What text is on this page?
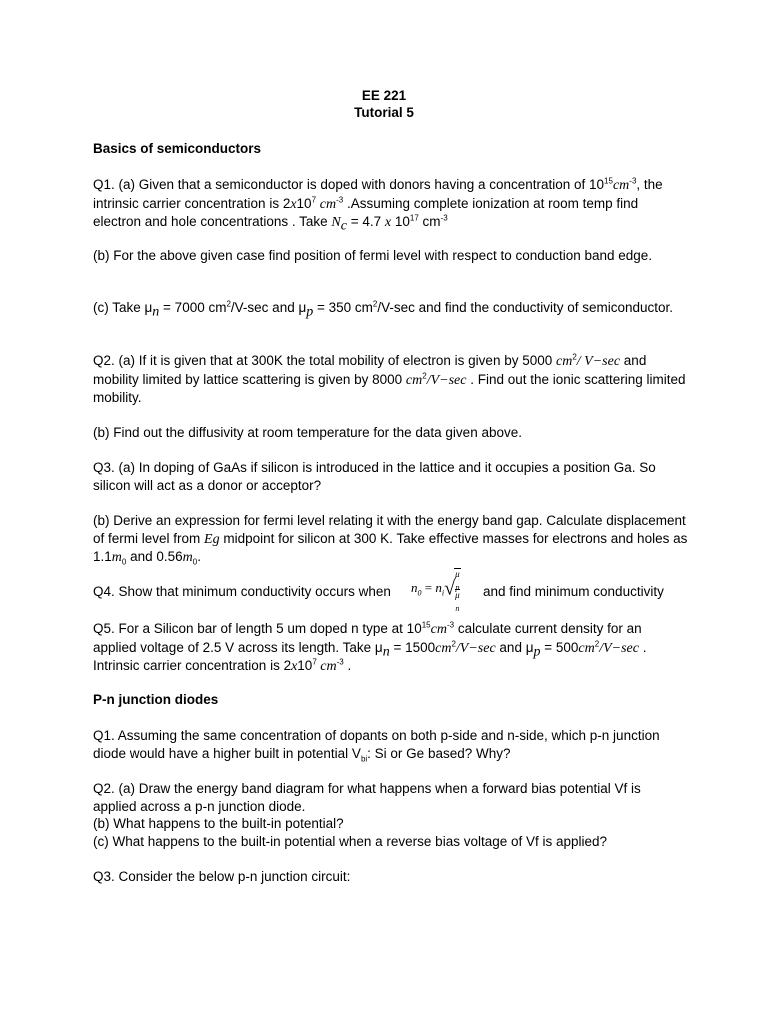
EE 221
Tutorial 5

Basics of semiconductors

Q1. (a) Given that a semiconductor is doped with donors having a concentration of $10^{15}cm^{-3}$, the intrinsic carrier concentration is $2x10^7$ $cm^{-3}$ .Assuming complete ionization at room temp find electron and hole concentrations . Take $N_c = 4.7$ x $10^{17}$ $cm^{-3}$

(b) For the above given case find position of fermi level with respect to conduction band edge.

(c) Take $\mu_n = 7000$ $cm^2/V-\sec$ and $\mu_p = 350$ $cm^2/V-\sec$ and find the conductivity of semiconductor.

Q2. (a) If it is given that at 300K the total mobility of electron is given by 5000 $cm^2/$ V−sec and mobility limited by lattice scattering is given by 8000 $cm^2/V-\sec$ . Find out the ionic scattering limited mobility.

(b) Find out the diffusivity at room temperature for the data given above.

Q3. (a) In doping of GaAs if silicon is introduced in the lattice and it occupies a position Ga. So silicon will act as a donor or acceptor?

(b) Derive an expression for fermi level relating it with the energy band gap. Calculate displacement of fermi level from Eg midpoint for silicon at 300 K. Take effective masses for electrons and holes as $1.1m_0$ and $0.56m_0$.

Q4. Show that minimum conductivity occurs when $n_0 = n_i√$ μ
$_p$
μ
$_n$ and find minimum conductivity

Q5. For a Silicon bar of length 5 um doped n type at $10^{15}cm^{-3}$ calculate current density for an applied voltage of 2.5 V across its length. Take $\mu_n = 1500cm^2/V-\sec$ and $\mu_p = 500cm^2/V-\sec$ . Intrinsic carrier concentration is $2x10^7$ $cm^{-3}$ .

P-n junction diodes

Q1. Assuming the same concentration of dopants on both p-side and n-side, which p-n junction diode would have a higher built in potential $V_{bi}$: Si or Ge based? Why?

Q2. (a) Draw the energy band diagram for what happens when a forward bias potential Vf is applied across a p-n junction diode.

(b) What happens to the built-in potential?

(c) What happens to the built-in potential when a reverse bias voltage of Vf is applied?

Q3. Consider the below p-n junction circuit:
